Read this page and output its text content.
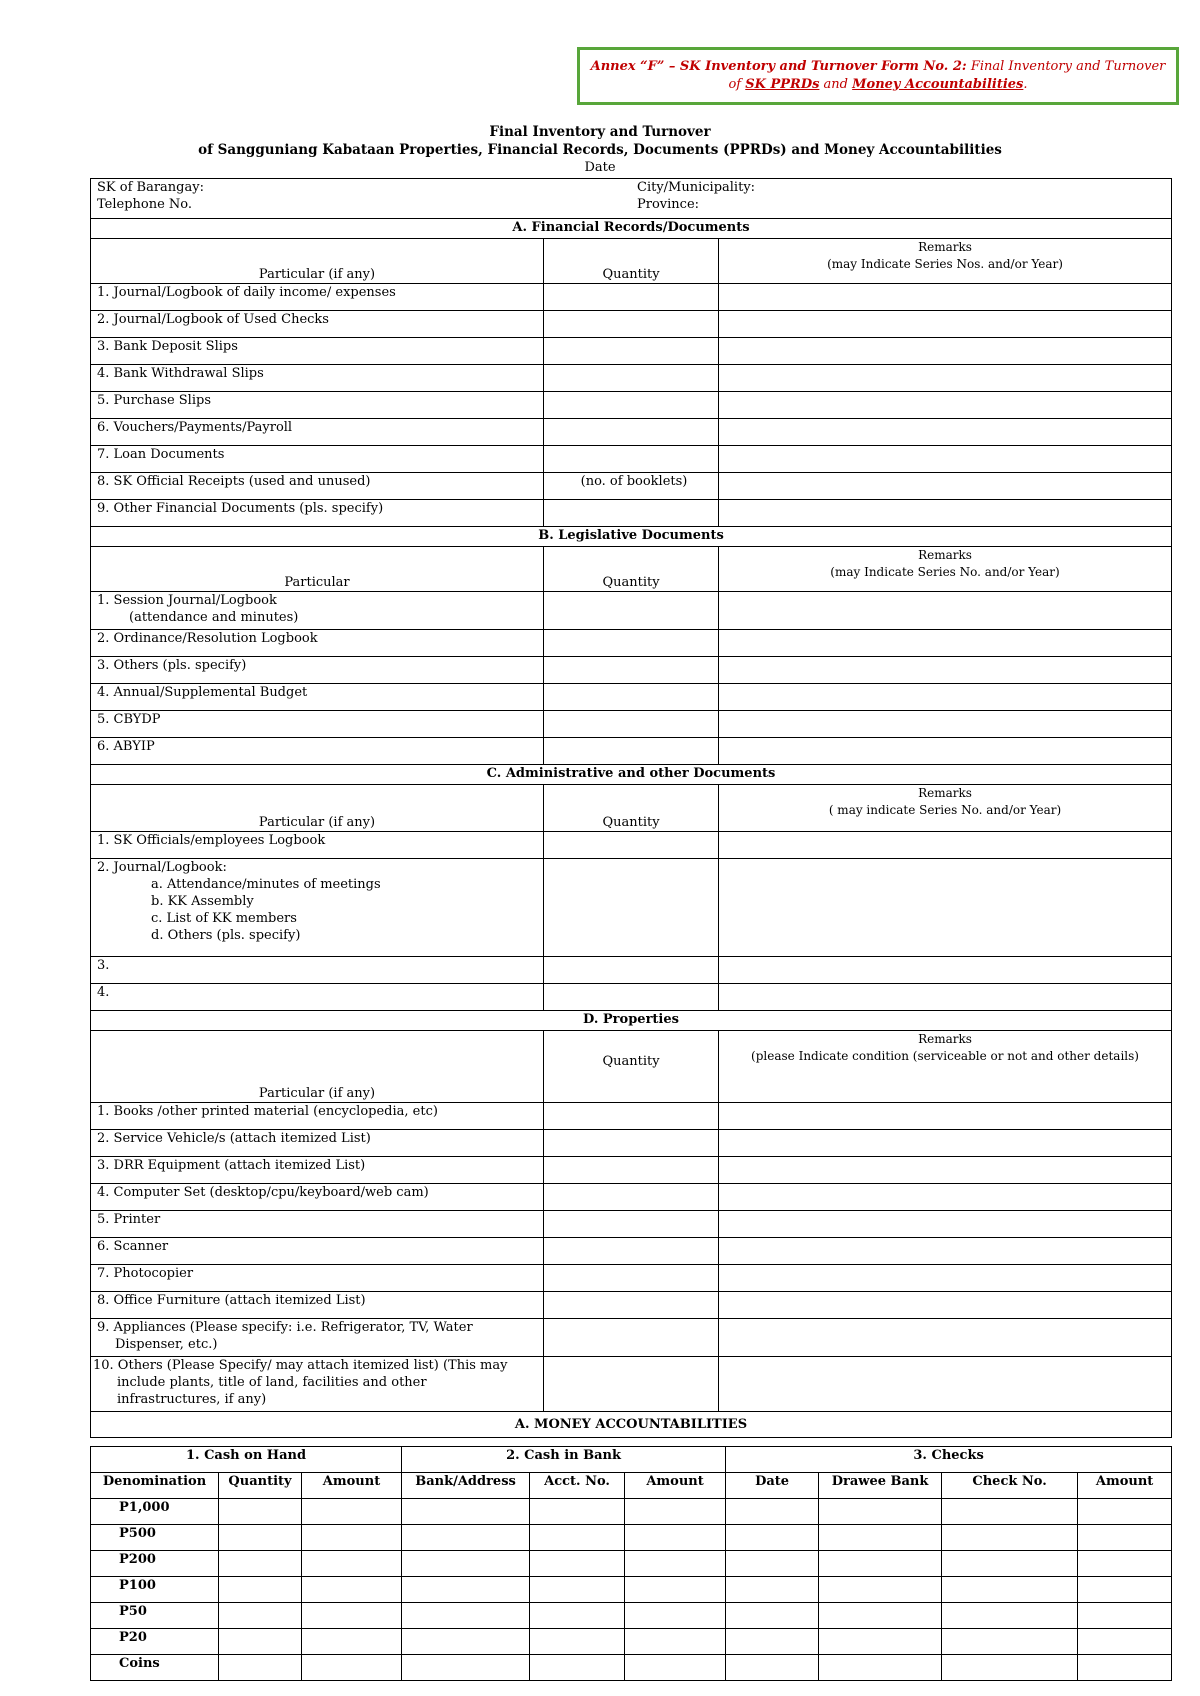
Annex “F” – SK Inventory and Turnover Form No. 2: Final Inventory and Turnover
of SK PPRDs and Money Accountabilities.
Final Inventory and Turnover
of Sangguniang Kabataan Properties, Financial Records, Documents (PPRDs) and Money Accountabilities
Date
SK of Barangay:
Telephone No.
City/Municipality:
Province:		

A. Financial Records/Documents		
Particular (if any)	Quantity	Remarks
(may Indicate Series Nos. and/or Year)

1. Journal/Logbook of daily income/ expenses		
2. Journal/Logbook of Used Checks		
3. Bank Deposit Slips		
4. Bank Withdrawal Slips		
5. Purchase Slips		
6. Vouchers/Payments/Payroll		
7. Loan Documents		
8. SK Official Receipts (used and unused)	(no. of booklets)	
9. Other Financial Documents (pls. specify)		
B. Legislative Documents		
Particular	Quantity	Remarks
(may Indicate Series No. and/or Year)

1. Session Journal/Logbook
(attendance and minutes)		

2. Ordinance/Resolution Logbook		
3. Others (pls. specify)		
4. Annual/Supplemental Budget		
5. CBYDP		
6. ABYIP		
C. Administrative and other Documents		
Particular (if any)	Quantity	Remarks
( may indicate Series No. and/or Year)

1. SK Officials/employees Logbook		

2. Journal/Logbook:
a. Attendance/minutes of meetings
b. KK Assembly
c. List of KK members
d. Others (pls. specify)		

3.		
4.		
D. Properties		
Particular (if any)	Quantity	Remarks
(please Indicate condition (serviceable or not and other details)

1. Books /other printed material (encyclopedia, etc)		
2. Service Vehicle/s (attach itemized List)		
3. DRR Equipment (attach itemized List)		
4. Computer Set (desktop/cpu/keyboard/web cam)		
5. Printer		
6. Scanner		
7. Photocopier		
8. Office Furniture (attach itemized List)		

9. Appliances (Please specify: i.e. Refrigerator, TV, Water
Dispenser, etc.)		

10. Others (Please Specify/ may attach itemized list) (This may
include plants, title of land, facilities and other
infrastructures, if any)		

A. MONEY ACCOUNTABILITIES		
1. Cash on Hand			2. Cash in Bank			3. Checks			
Denomination	Quantity	Amount	Bank/Address	Acct. No.	Amount	Date	Drawee Bank	Check No.	Amount
P1,000									
P500									
P200									
P100									
P50									
P20									
Coins									
